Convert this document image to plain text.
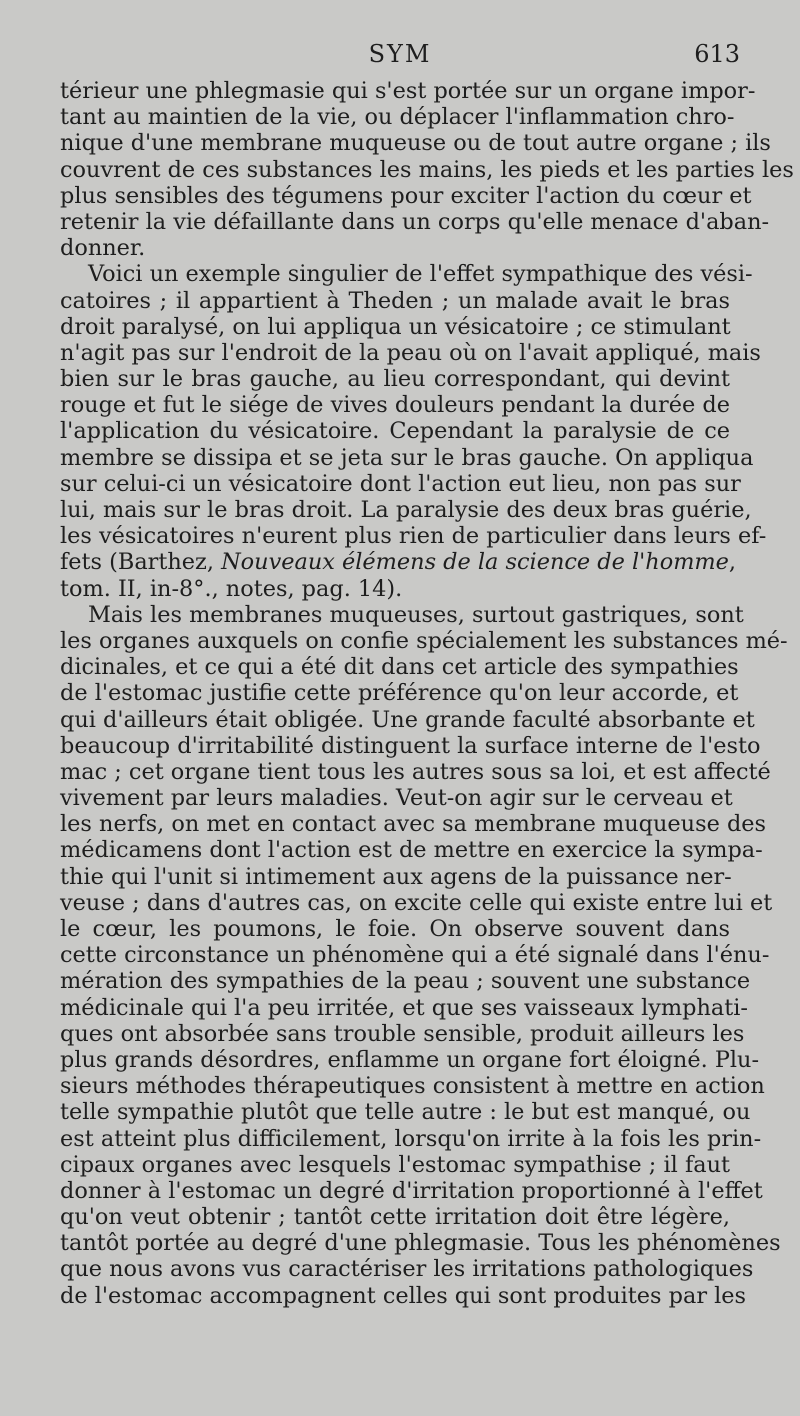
SYM	613
térieur une phlegmasie qui s'est portée sur un organe impor-
tant au maintien de la vie, ou déplacer l'inflammation chro-
nique d'une membrane muqueuse ou de tout autre organe ; ils
couvrent de ces substances les mains, les pieds et les parties les
plus sensibles des tégumens pour exciter l'action du cœur et
retenir la vie défaillante dans un corps qu'elle menace d'aban-
donner.
Voici un exemple singulier de l'effet sympathique des vési-
catoires ; il appartient à Theden ; un malade avait le bras
droit paralysé, on lui appliqua un vésicatoire ; ce stimulant
n'agit pas sur l'endroit de la peau où on l'avait appliqué, mais
bien sur le bras gauche, au lieu correspondant, qui devint
rouge et fut le siége de vives douleurs pendant la durée de
l'application du vésicatoire. Cependant la paralysie de ce
membre se dissipa et se jeta sur le bras gauche. On appliqua
sur celui-ci un vésicatoire dont l'action eut lieu, non pas sur
lui, mais sur le bras droit. La paralysie des deux bras guérie,
les vésicatoires n'eurent plus rien de particulier dans leurs ef-
fets (Barthez, Nouveaux élémens de la science de l'homme,
tom. II, in-8°., notes, pag. 14).
Mais les membranes muqueuses, surtout gastriques, sont
les organes auxquels on confie spécialement les substances mé-
dicinales, et ce qui a été dit dans cet article des sympathies
de l'estomac justifie cette préférence qu'on leur accorde, et
qui d'ailleurs était obligée. Une grande faculté absorbante et
beaucoup d'irritabilité distinguent la surface interne de l'esto
mac ; cet organe tient tous les autres sous sa loi, et est affecté
vivement par leurs maladies. Veut-on agir sur le cerveau et
les nerfs, on met en contact avec sa membrane muqueuse des
médicamens dont l'action est de mettre en exercice la sympa-
thie qui l'unit si intimement aux agens de la puissance ner-
veuse ; dans d'autres cas, on excite celle qui existe entre lui et
le cœur, les poumons, le foie. On observe souvent dans
cette circonstance un phénomène qui a été signalé dans l'énu-
mération des sympathies de la peau ; souvent une substance
médicinale qui l'a peu irritée, et que ses vaisseaux lymphati-
ques ont absorbée sans trouble sensible, produit ailleurs les
plus grands désordres, enflamme un organe fort éloigné. Plu-
sieurs méthodes thérapeutiques consistent à mettre en action
telle sympathie plutôt que telle autre : le but est manqué, ou
est atteint plus difficilement, lorsqu'on irrite à la fois les prin-
cipaux organes avec lesquels l'estomac sympathise ; il faut
donner à l'estomac un degré d'irritation proportionné à l'effet
qu'on veut obtenir ; tantôt cette irritation doit être légère,
tantôt portée au degré d'une phlegmasie. Tous les phénomènes
que nous avons vus caractériser les irritations pathologiques
de l'estomac accompagnent celles qui sont produites par les
